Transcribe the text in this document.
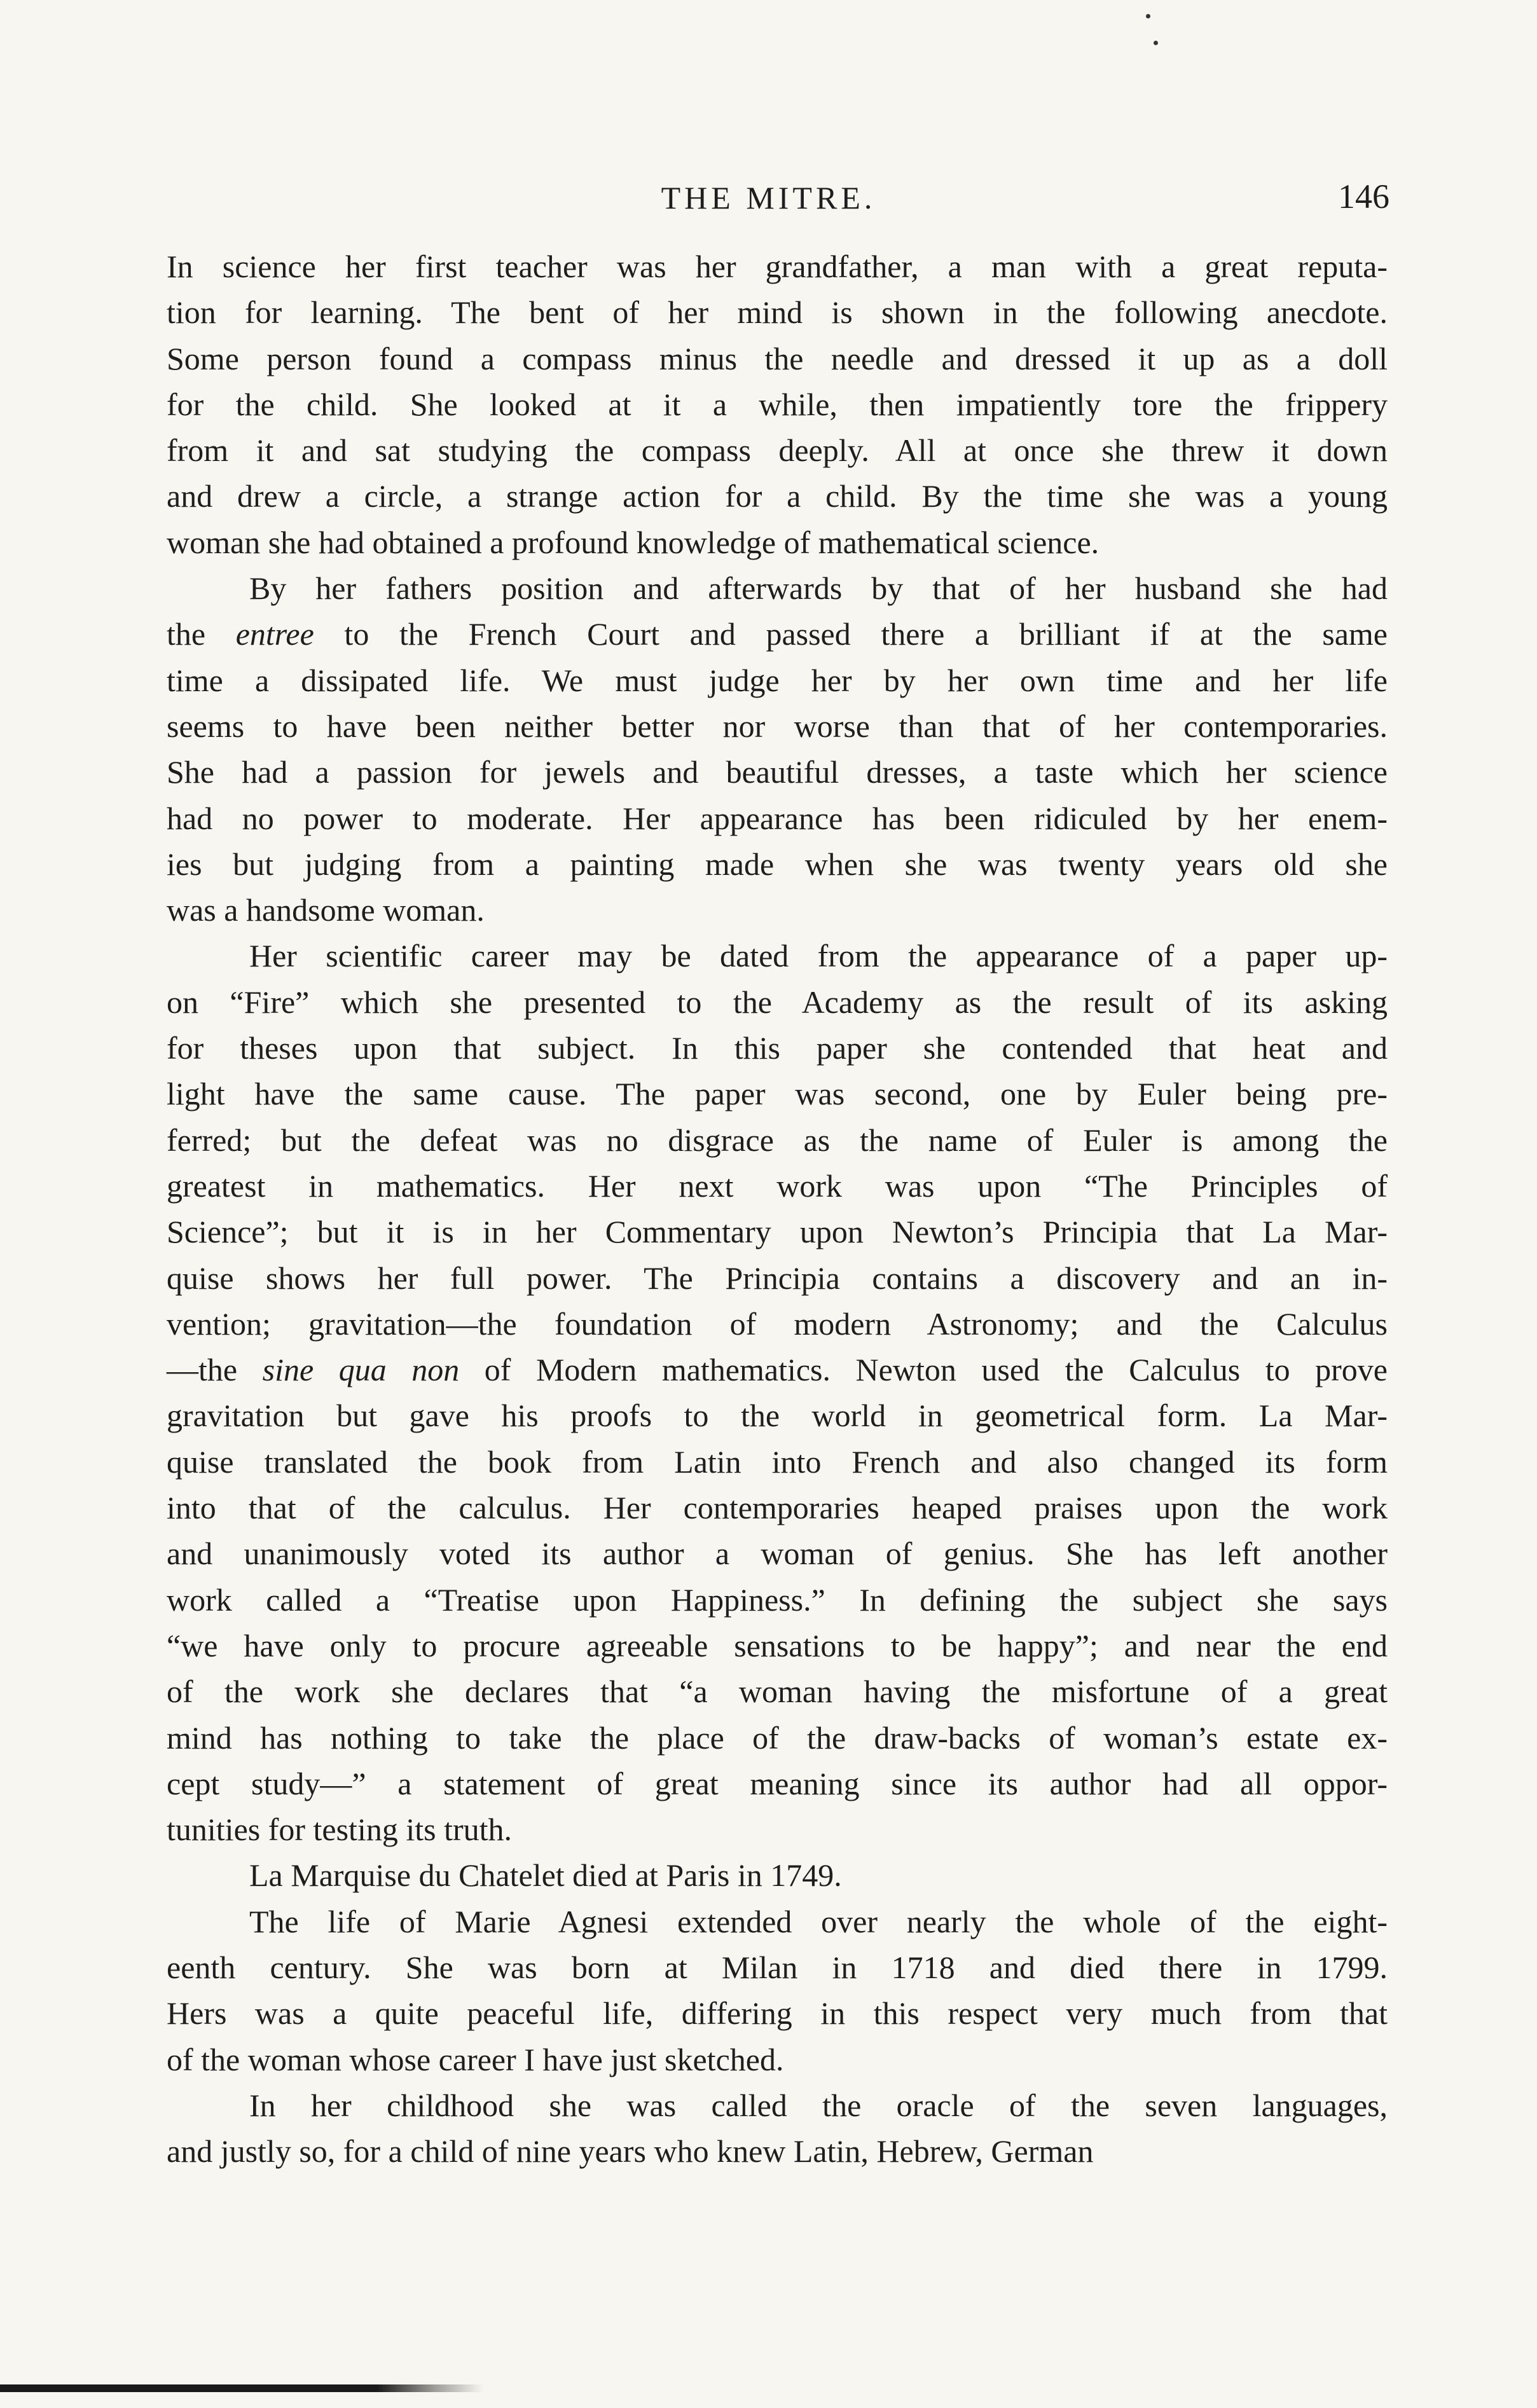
THE MITRE.	146
In science her first teacher was her grandfather, a man with a great reputa-
tion for learning. The bent of her mind is shown in the following anecdote.
Some person found a compass minus the needle and dressed it up as a doll
for the child. She looked at it a while, then impatiently tore the frippery
from it and sat studying the compass deeply. All at once she threw it down
and drew a circle, a strange action for a child. By the time she was a young
woman she had obtained a profound knowledge of mathematical science.
By her fathers position and afterwards by that of her husband she had
the entree to the French Court and passed there a brilliant if at the same
time a dissipated life. We must judge her by her own time and her life
seems to have been neither better nor worse than that of her contemporaries.
She had a passion for jewels and beautiful dresses, a taste which her science
had no power to moderate. Her appearance has been ridiculed by her enem-
ies but judging from a painting made when she was twenty years old she
was a handsome woman.
Her scientific career may be dated from the appearance of a paper up-
on “Fire” which she presented to the Academy as the result of its asking
for theses upon that subject. In this paper she contended that heat and
light have the same cause. The paper was second, one by Euler being pre-
ferred; but the defeat was no disgrace as the name of Euler is among the
greatest in mathematics. Her next work was upon “The Principles of
Science”; but it is in her Commentary upon Newton’s Principia that La Mar-
quise shows her full power. The Principia contains a discovery and an in-
vention; gravitation—the foundation of modern Astronomy; and the Calculus
—the sine qua non of Modern mathematics. Newton used the Calculus to prove
gravitation but gave his proofs to the world in geometrical form. La Mar-
quise translated the book from Latin into French and also changed its form
into that of the calculus. Her contemporaries heaped praises upon the work
and unanimously voted its author a woman of genius. She has left another
work called a “Treatise upon Happiness.” In defining the subject she says
“we have only to procure agreeable sensations to be happy”; and near the end
of the work she declares that “a woman having the misfortune of a great
mind has nothing to take the place of the draw-backs of woman’s estate ex-
cept study—” a statement of great meaning since its author had all oppor-
tunities for testing its truth.
La Marquise du Chatelet died at Paris in 1749.
The life of Marie Agnesi extended over nearly the whole of the eight-
eenth century. She was born at Milan in 1718 and died there in 1799.
Hers was a quite peaceful life, differing in this respect very much from that
of the woman whose career I have just sketched.
In her childhood she was called the oracle of the seven languages,
and justly so, for a child of nine years who knew Latin, Hebrew, German
